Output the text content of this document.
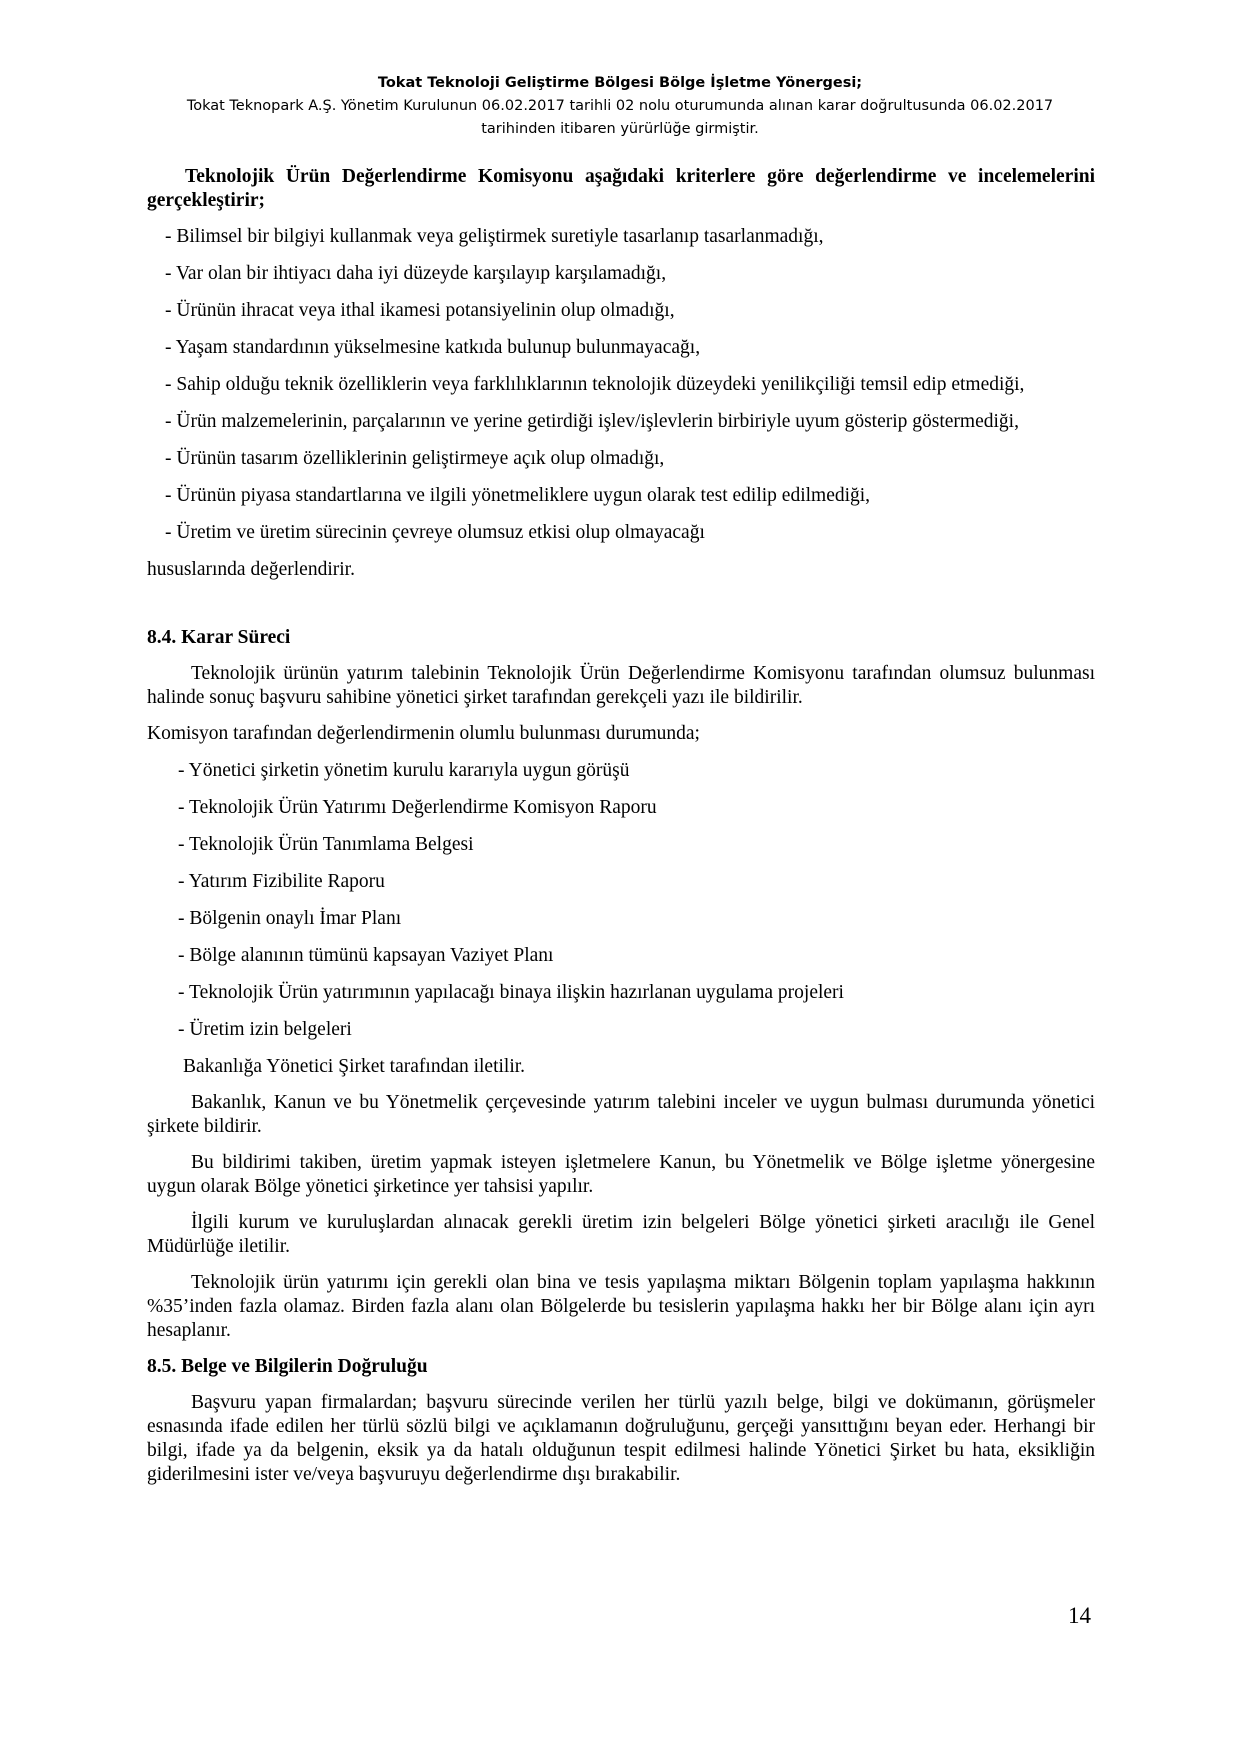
Tokat Teknoloji Geliştirme Bölgesi Bölge İşletme Yönergesi;
Tokat Teknopark A.Ş. Yönetim Kurulunun 06.02.2017 tarihli 02 nolu oturumunda alınan karar doğrultusunda 06.02.2017
tarihinden itibaren yürürlüğe girmiştir.

Teknolojik Ürün Değerlendirme Komisyonu aşağıdaki kriterlere göre değerlendirme ve incelemelerini gerçekleştirir;

- Bilimsel bir bilgiyi kullanmak veya geliştirmek suretiyle tasarlanıp tasarlanmadığı,
- Var olan bir ihtiyacı daha iyi düzeyde karşılayıp karşılamadığı,
- Ürünün ihracat veya ithal ikamesi potansiyelinin olup olmadığı,
- Yaşam standardının yükselmesine katkıda bulunup bulunmayacağı,
- Sahip olduğu teknik özelliklerin veya farklılıklarının teknolojik düzeydeki yenilikçiliği temsil edip etmediği,
- Ürün malzemelerinin, parçalarının ve yerine getirdiği işlev/işlevlerin birbiriyle uyum gösterip göstermediği,
- Ürünün tasarım özelliklerinin geliştirmeye açık olup olmadığı,
- Ürünün piyasa standartlarına ve ilgili yönetmeliklere uygun olarak test edilip edilmediği,
- Üretim ve üretim sürecinin çevreye olumsuz etkisi olup olmayacağı

hususlarında değerlendirir.

8.4. Karar Süreci

Teknolojik ürünün yatırım talebinin Teknolojik Ürün Değerlendirme Komisyonu tarafından olumsuz bulunması halinde sonuç başvuru sahibine yönetici şirket tarafından gerekçeli yazı ile bildirilir.

Komisyon tarafından değerlendirmenin olumlu bulunması durumunda;

- Yönetici şirketin yönetim kurulu kararıyla uygun görüşü
- Teknolojik Ürün Yatırımı Değerlendirme Komisyon Raporu
- Teknolojik Ürün Tanımlama Belgesi
- Yatırım Fizibilite Raporu
- Bölgenin onaylı İmar Planı
- Bölge alanının tümünü kapsayan Vaziyet Planı
- Teknolojik Ürün yatırımının yapılacağı binaya ilişkin hazırlanan uygulama projeleri
- Üretim izin belgeleri

Bakanlığa Yönetici Şirket tarafından iletilir.

Bakanlık, Kanun ve bu Yönetmelik çerçevesinde yatırım talebini inceler ve uygun bulması durumunda yönetici şirkete bildirir.

Bu bildirimi takiben, üretim yapmak isteyen işletmelere Kanun, bu Yönetmelik ve Bölge işletme yönergesine uygun olarak Bölge yönetici şirketince yer tahsisi yapılır.

İlgili kurum ve kuruluşlardan alınacak gerekli üretim izin belgeleri Bölge yönetici şirketi aracılığı ile Genel Müdürlüğe iletilir.

Teknolojik ürün yatırımı için gerekli olan bina ve tesis yapılaşma miktarı Bölgenin toplam yapılaşma hakkının %35’inden fazla olamaz. Birden fazla alanı olan Bölgelerde bu tesislerin yapılaşma hakkı her bir Bölge alanı için ayrı hesaplanır.

8.5. Belge ve Bilgilerin Doğruluğu

Başvuru yapan firmalardan; başvuru sürecinde verilen her türlü yazılı belge, bilgi ve dokümanın, görüşmeler esnasında ifade edilen her türlü sözlü bilgi ve açıklamanın doğruluğunu, gerçeği yansıttığını beyan eder. Herhangi bir bilgi, ifade ya da belgenin, eksik ya da hatalı olduğunun tespit edilmesi halinde Yönetici Şirket bu hata, eksikliğin giderilmesini ister ve/veya başvuruyu değerlendirme dışı bırakabilir.

14
